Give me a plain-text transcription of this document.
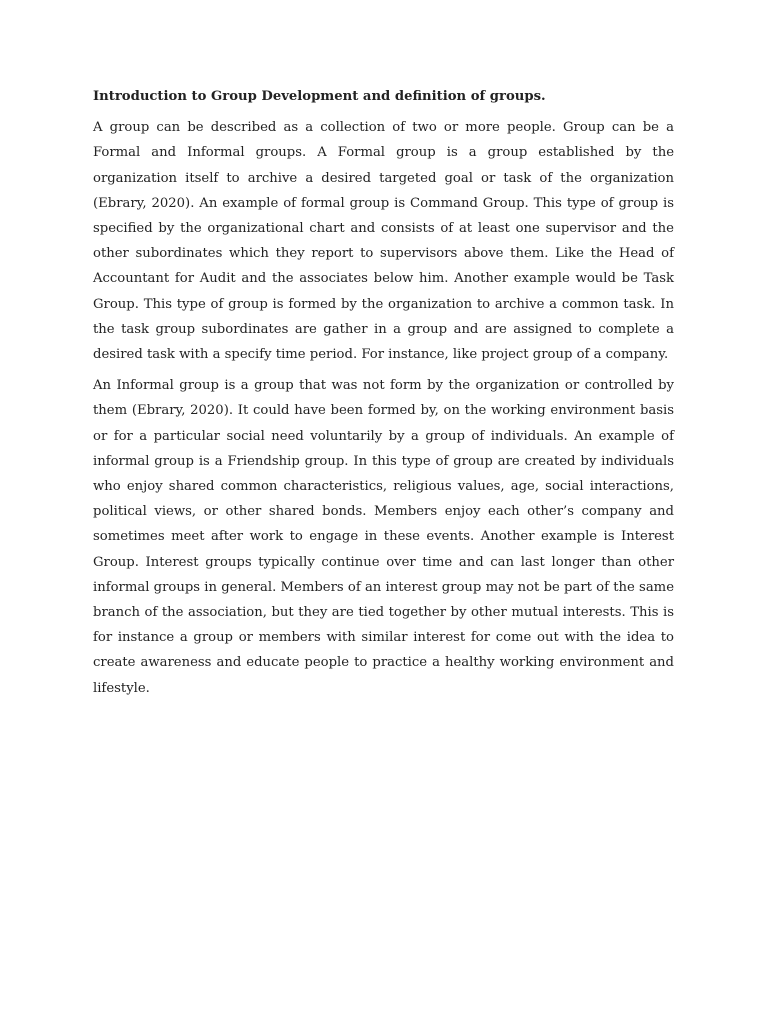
Introduction to Group Development and definition of groups.

A group can be described as a collection of two or more people. Group can be a Formal and Informal groups. A Formal group is a group established by the organization itself to archive a desired targeted goal or task of the organization (Ebrary, 2020). An example of formal group is Command Group. This type of group is specified by the organizational chart and consists of at least one supervisor and the other subordinates which they report to supervisors above them. Like the Head of Accountant for Audit and the associates below him. Another example would be Task Group. This type of group is formed by the organization to archive a common task. In the task group subordinates are gather in a group and are assigned to complete a desired task with a specify time period. For instance, like project group of a company.

An Informal group is a group that was not form by the organization or controlled by them (Ebrary, 2020). It could have been formed by, on the working environment basis or for a particular social need voluntarily by a group of individuals. An example of informal group is a Friendship group. In this type of group are created by individuals who enjoy shared common characteristics, religious values, age, social interactions, political views, or other shared bonds. Members enjoy each other’s company and sometimes meet after work to engage in these events. Another example is Interest Group. Interest groups typically continue over time and can last longer than other informal groups in general. Members of an interest group may not be part of the same branch of the association, but they are tied together by other mutual interests. This is for instance a group or members with similar interest for come out with the idea to create awareness and educate people to practice a healthy working environment and lifestyle.
